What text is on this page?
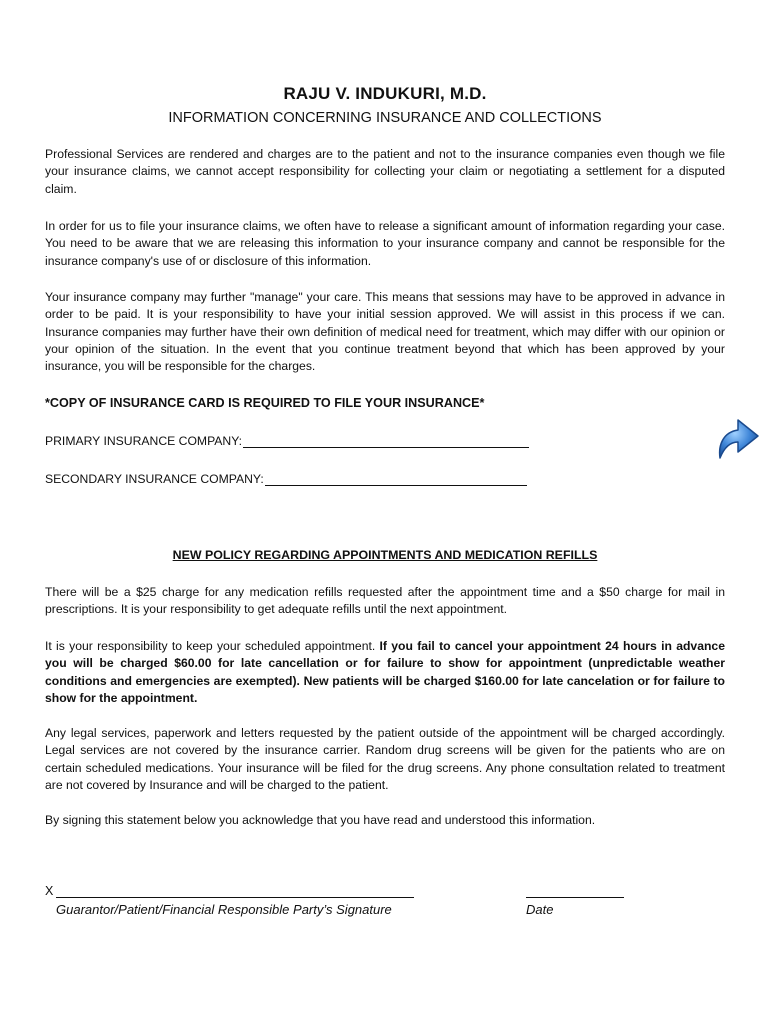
RAJU V. INDUKURI, M.D.
INFORMATION CONCERNING INSURANCE AND COLLECTIONS

Professional Services are rendered and charges are to the patient and not to the insurance companies even though we file your insurance claims, we cannot accept responsibility for collecting your claim or negotiating a settlement for a disputed claim.

In order for us to file your insurance claims, we often have to release a significant amount of information regarding your case. You need to be aware that we are releasing this information to your insurance company and cannot be responsible for the insurance company's use of or disclosure of this information.

Your insurance company may further "manage" your care. This means that sessions may have to be approved in advance in order to be paid. It is your responsibility to have your initial session approved. We will assist in this process if we can. Insurance companies may further have their own definition of medical need for treatment, which may differ with our opinion or your opinion of the situation. In the event that you continue treatment beyond that which has been approved by your insurance, you will be responsible for the charges.

*COPY OF INSURANCE CARD IS REQUIRED TO FILE YOUR INSURANCE*
PRIMARY INSURANCE COMPANY:
SECONDARY INSURANCE COMPANY:
NEW POLICY REGARDING APPOINTMENTS AND MEDICATION REFILLS

There will be a $25 charge for any medication refills requested after the appointment time and a $50 charge for mail in prescriptions. It is your responsibility to get adequate refills until the next appointment.

It is your responsibility to keep your scheduled appointment. If you fail to cancel your appointment 24 hours in advance you will be charged $60.00 for late cancellation or for failure to show for appointment (unpredictable weather conditions and emergencies are exempted). New patients will be charged $160.00 for late cancelation or for failure to show for the appointment.

Any legal services, paperwork and letters requested by the patient outside of the appointment will be charged accordingly. Legal services are not covered by the insurance carrier. Random drug screens will be given for the patients who are on certain scheduled medications. Your insurance will be filed for the drug screens. Any phone consultation related to treatment are not covered by Insurance and will be charged to the patient.

By signing this statement below you acknowledge that you have read and understood this information.

X
Guarantor/Patient/Financial Responsible Party’s Signature	Date
